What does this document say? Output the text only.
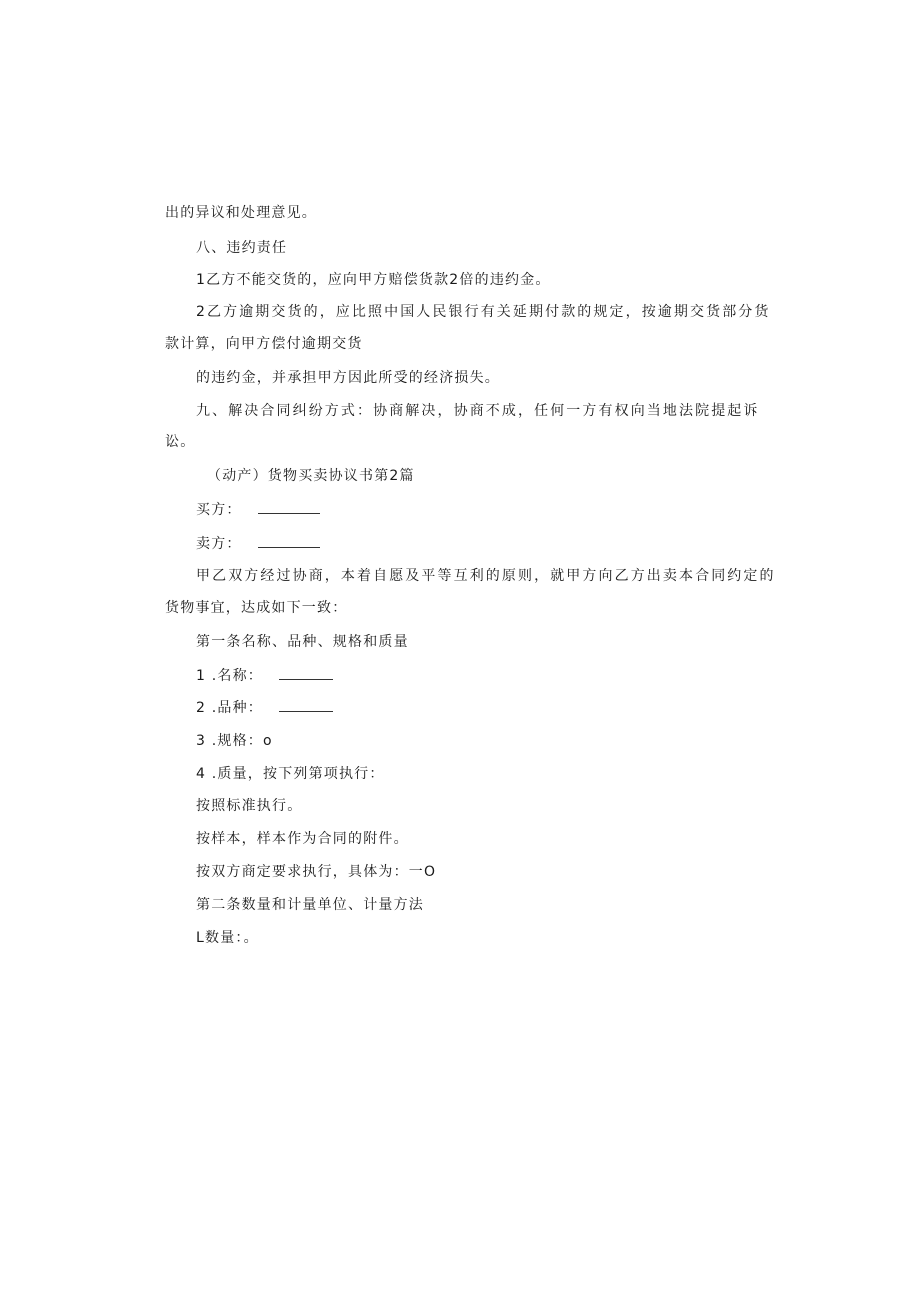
出的异议和处理意见。
八、违约责任
1乙方不能交货的，应向甲方赔偿货款2倍的违约金。
2乙方逾期交货的，应比照中国人民银行有关延期付款的规定，按逾期交货部分货
款计算，向甲方偿付逾期交货
的违约金，并承担甲方因此所受的经济损失。
九、解决合同纠纷方式：协商解决，协商不成，任何一方有权向当地法院提起诉
讼。
（动产）货物买卖协议书第2篇
买方：
卖方：
甲乙双方经过协商，本着自愿及平等互利的原则，就甲方向乙方出卖本合同约定的
货物事宜，达成如下一致：
第一条名称、品种、规格和质量
1 .名称：
2 .品种：
3 .规格：o
4 .质量，按下列第项执行：
按照标准执行。
按样本，样本作为合同的附件。
按双方商定要求执行，具体为：一O
第二条数量和计量单位、计量方法
L数量：。
